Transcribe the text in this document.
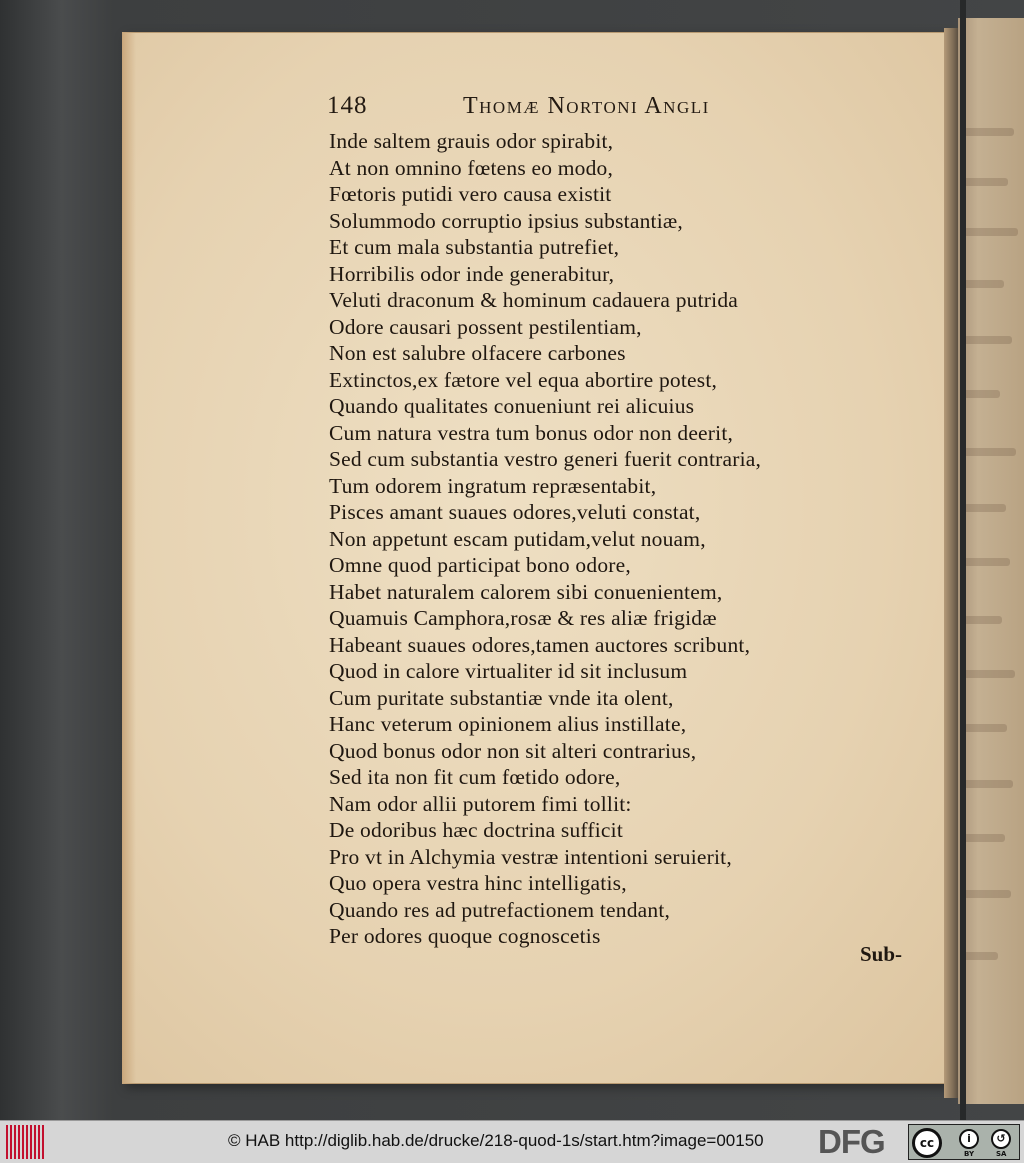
148	Thomæ Nortoni Angli
Inde saltem grauis odor spirabit,
At non omnino fœtens eo modo,
Fœtoris putidi vero causa existit
Solummodo corruptio ipsius substantiæ,
Et cum mala substantia putrefiet,
Horribilis odor inde generabitur,
Veluti draconum & hominum cadauera putrida
Odore causari possent pestilentiam,
Non est salubre olfacere carbones
Extinctos,ex fætore vel equa abortire potest,
Quando qualitates conueniunt rei alicuius
Cum natura vestra tum bonus odor non deerit,
Sed cum substantia vestro generi fuerit contraria,
Tum odorem ingratum repræsentabit,
Pisces amant suaues odores,veluti constat,
Non appetunt escam putidam,velut nouam,
Omne quod participat bono odore,
Habet naturalem calorem sibi conuenientem,
Quamuis Camphora,rosæ & res aliæ frigidæ
Habeant suaues odores,tamen auctores scribunt,
Quod in calore virtualiter id sit inclusum
Cum puritate substantiæ vnde ita olent,
Hanc veterum opinionem alius instillate,
Quod bonus odor non sit alteri contrarius,
Sed ita non fit cum fœtido odore,
Nam odor allii putorem fimi tollit:
De odoribus hæc doctrina sufficit
Pro vt in Alchymia vestræ intentioni seruierit,
Quo opera vestra hinc intelligatis,
Quando res ad putrefactionem tendant,
Per odores quoque cognoscetis
Sub-
© HAB http://diglib.hab.de/drucke/218-quod-1s/start.htm?image=00150 DFG	cc	i	↺
BY	SA
